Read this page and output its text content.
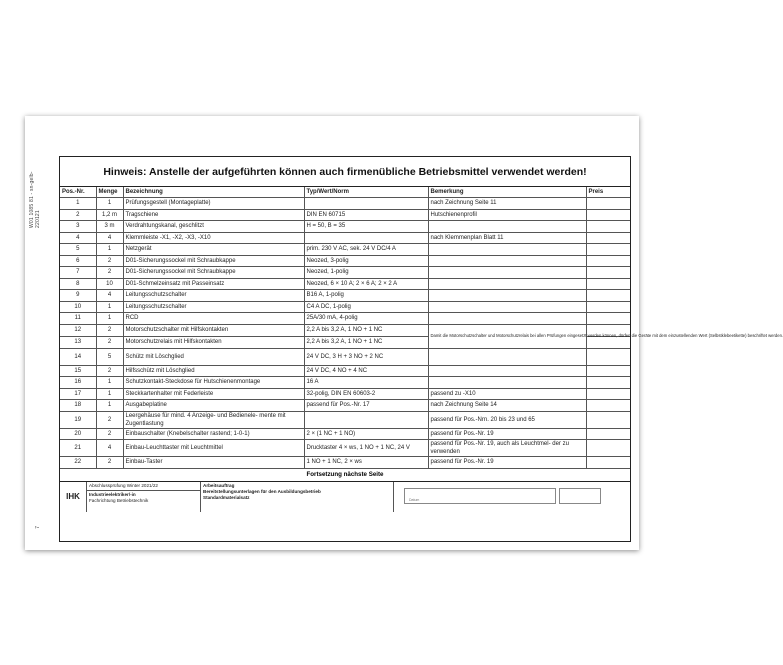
W01 1085 81 - sn-gelb-220121
7
Hinweis: Anstelle der aufgeführten können auch firmenübliche Betriebsmittel verwendet werden!
Pos.-Nr.	Menge	Bezeichnung	Typ/Wert/Norm	Bemerkung	Preis
1	1	Prüfungsgestell (Montageplatte)		nach Zeichnung Seite 11	
2	1,2 m	Tragschiene	DIN EN 60715	Hutschienenprofil	
3	3 m	Verdrahtungskanal, geschlitzt	H = 50, B = 35		
4	4	Klemmleiste -X1, -X2, -X3, -X10		nach Klemmenplan Blatt 11	
5	1	Netzgerät	prim. 230 V AC, sek. 24 V DC/4 A		
6	2	D01-Sicherungssockel mit Schraubkappe	Neozed, 3-polig		
7	2	D01-Sicherungssockel mit Schraubkappe	Neozed, 1-polig		
8	10	D01-Schmelzeinsatz mit Passeinsatz	Neozed, 6 × 10 A; 2 × 6 A; 2 × 2 A		
9	4	Leitungsschutzschalter	B16 A, 1-polig		
10	1	Leitungsschutzschalter	C4 A DC, 1-polig		
11	1	RCD	25A/30 mA, 4-polig		
12	2	Motorschutzschalter mit Hilfskontakten	2,2 A bis 3,2 A, 1 NO + 1 NC	Damit die Motorschutzschalter und Motorschutzrelais bei allen Prüfungen eingesetzt werden können, dürfen die Geräte mit dem einzustellenden Wert (Selbstklebeetikette) beschriftet werden.	
13	2	Motorschutzrelais mit Hilfskontakten	2,2 A bis 3,2 A, 1 NO + 1 NC		
14	5	Schütz mit Löschglied	24 V DC, 3 H + 3 NO + 2 NC		
15	2	Hilfsschütz mit Löschglied	24 V DC, 4 NO + 4 NC		
16	1	Schutzkontakt-Steckdose für Hutschienenmontage	16 A		
17	1	Steckkartenhalter mit Federleiste	32-polig, DIN EN 60603-2	passend zu -X10	
18	1	Ausgabeplatine	passend für Pos.-Nr. 17	nach Zeichnung Seite 14	
19	2	Leergehäuse für mind. 4 Anzeige- und Bedienele- mente mit Zugentlastung		passend für Pos.-Nrn. 20 bis 23 und 65	
20	2	Einbauschalter (Knebelschalter rastend; 1-0-1)	2 × (1 NC + 1 NO)	passend für Pos.-Nr. 19	
21	4	Einbau-Leuchttaster mit Leuchtmittel	Drucktaster 4 × ws, 1 NO + 1 NC, 24 V	passend für Pos.-Nr. 19, auch als Leuchtmel- der zu verwenden	
22	2	Einbau-Taster	1 NO + 1 NC, 2 × ws	passend für Pos.-Nr. 19	
Fortsetzung nächste Seite
IHK
Abschlussprüfung Winter 2021/22
Industrieelektriker/-in
Fachrichtung Betriebstechnik
Arbeitsauftrag
Bereitstellungsunterlagen für den Ausbildungsbetrieb
Standardmaterialsatz	Datum
